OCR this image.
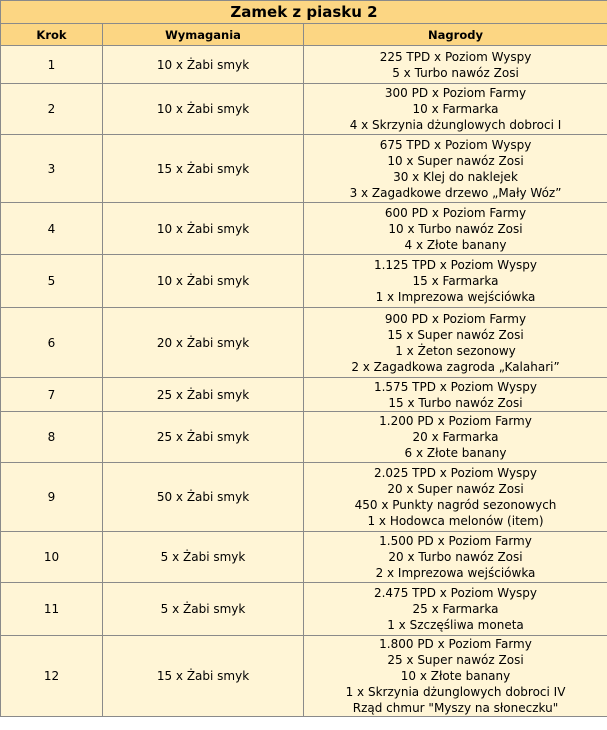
Zamek z piasku 2		
Krok	Wymagania	Nagrody
1	10 x Żabi smyk	225 TPD x Poziom Wyspy
5 x Turbo nawóz Zosi

2	10 x Żabi smyk	300 PD x Poziom Farmy
10 x Farmarka
4 x Skrzynia dżunglowych dobroci I

3	15 x Żabi smyk	675 TPD x Poziom Wyspy
10 x Super nawóz Zosi
30 x Klej do naklejek
3 x Zagadkowe drzewo „Mały Wóz”

4	10 x Żabi smyk	600 PD x Poziom Farmy
10 x Turbo nawóz Zosi
4 x Złote banany

5	10 x Żabi smyk	1.125 TPD x Poziom Wyspy
15 x Farmarka
1 x Imprezowa wejściówka

6	20 x Żabi smyk	900 PD x Poziom Farmy
15 x Super nawóz Zosi
1 x Żeton sezonowy
2 x Zagadkowa zagroda „Kalahari”

7	25 x Żabi smyk	1.575 TPD x Poziom Wyspy
15 x Turbo nawóz Zosi

8	25 x Żabi smyk	1.200 PD x Poziom Farmy
20 x Farmarka
6 x Złote banany

9	50 x Żabi smyk	2.025 TPD x Poziom Wyspy
20 x Super nawóz Zosi
450 x Punkty nagród sezonowych
1 x Hodowca melonów (item)

10	5 x Żabi smyk	1.500 PD x Poziom Farmy
20 x Turbo nawóz Zosi
2 x Imprezowa wejściówka

11	5 x Żabi smyk	2.475 TPD x Poziom Wyspy
25 x Farmarka
1 x Szczęśliwa moneta

12	15 x Żabi smyk	1.800 PD x Poziom Farmy
25 x Super nawóz Zosi
10 x Złote banany
1 x Skrzynia dżunglowych dobroci IV
Rząd chmur "Myszy na słoneczku"
